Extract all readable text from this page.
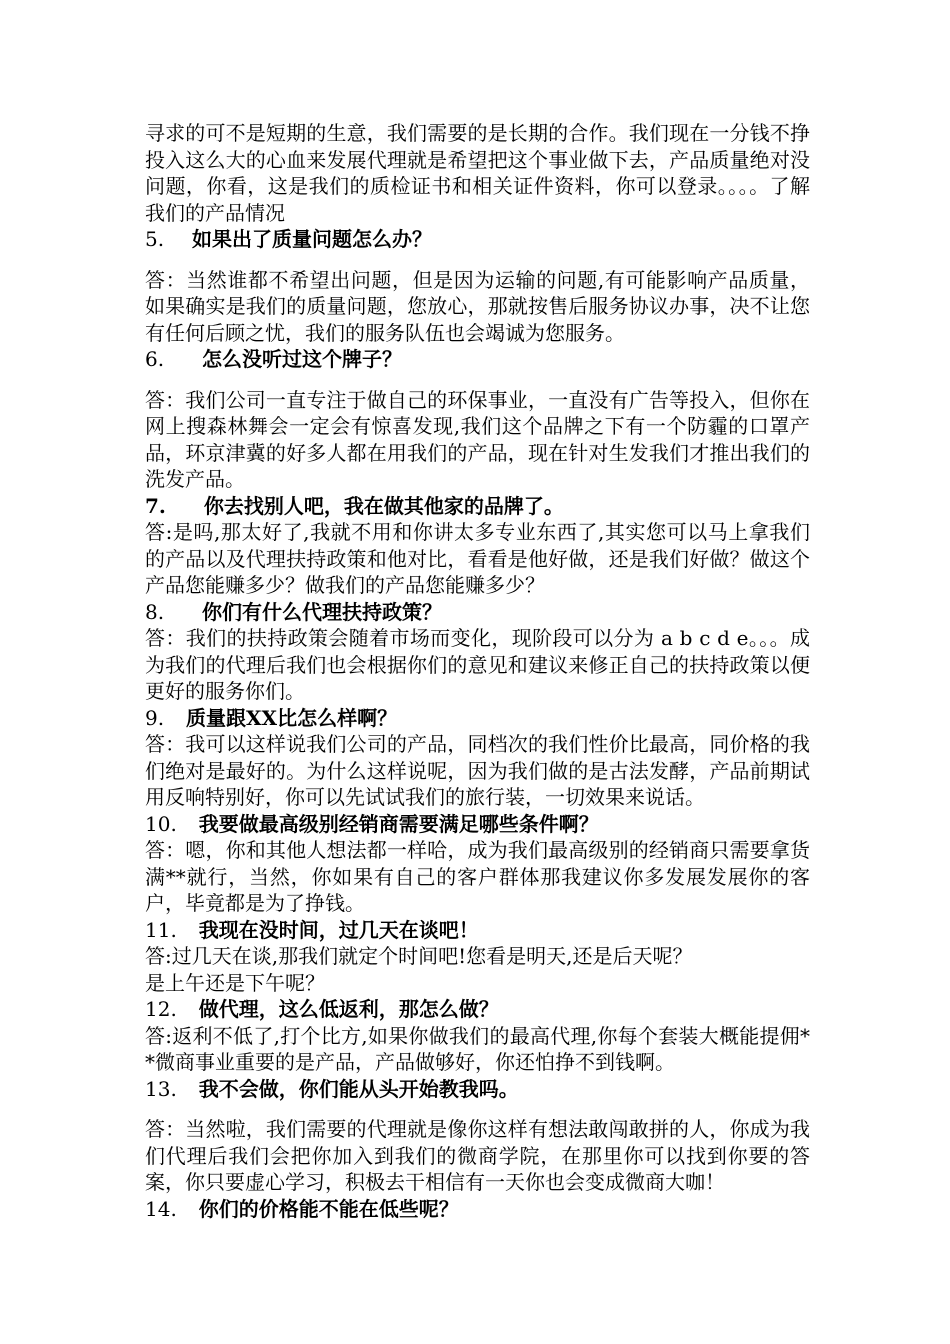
寻求的可不是短期的生意，我们需要的是长期的合作。我们现在一分钱不挣投入这么大的心血来发展代理就是希望把这个事业做下去，产品质量绝对没问题，你看，这是我们的质检证书和相关证件资料，你可以登录。。。。了解我们的产品情况

5. 如果出了质量问题怎么办？

答：当然谁都不希望出问题，但是因为运输的问题,有可能影响产品质量，如果确实是我们的质量问题，您放心，那就按售后服务协议办事，决不让您有任何后顾之忧，我们的服务队伍也会竭诚为您服务。

6. 怎么没听过这个牌子？

答：我们公司一直专注于做自己的环保事业，一直没有广告等投入，但你在网上搜森林舞会一定会有惊喜发现,我们这个品牌之下有一个防霾的口罩产品，环京津冀的好多人都在用我们的产品，现在针对生发我们才推出我们的洗发产品。

7. 你去找别人吧，我在做其他家的品牌了。

答:是吗,那太好了,我就不用和你讲太多专业东西了,其实您可以马上拿我们的产品以及代理扶持政策和他对比，看看是他好做，还是我们好做？做这个产品您能赚多少？做我们的产品您能赚多少？

8. 你们有什么代理扶持政策？

答：我们的扶持政策会随着市场而变化，现阶段可以分为 a b c d e。。。成为我们的代理后我们也会根据你们的意见和建议来修正自己的扶持政策以便更好的服务你们。

9. 质量跟XX比怎么样啊？

答：我可以这样说我们公司的产品，同档次的我们性价比最高，同价格的我们绝对是最好的。为什么这样说呢，因为我们做的是古法发酵，产品前期试用反响特别好，你可以先试试我们的旅行装，一切效果来说话。

10. 我要做最高级别经销商需要满足哪些条件啊？

答：嗯，你和其他人想法都一样哈，成为我们最高级别的经销商只需要拿货满**就行，当然，你如果有自己的客户群体那我建议你多发展发展你的客户，毕竟都是为了挣钱。

11. 我现在没时间，过几天在谈吧！

答:过几天在谈,那我们就定个时间吧!您看是明天,还是后天呢？

是上午还是下午呢？

12. 做代理，这么低返利，那怎么做？

答:返利不低了,打个比方,如果你做我们的最高代理,你每个套装大概能提佣**微商事业重要的是产品，产品做够好，你还怕挣不到钱啊。

13. 我不会做，你们能从头开始教我吗。

答：当然啦，我们需要的代理就是像你这样有想法敢闯敢拼的人，你成为我们代理后我们会把你加入到我们的微商学院，在那里你可以找到你要的答案，你只要虚心学习，积极去干相信有一天你也会变成微商大咖！

14. 你们的价格能不能在低些呢？
